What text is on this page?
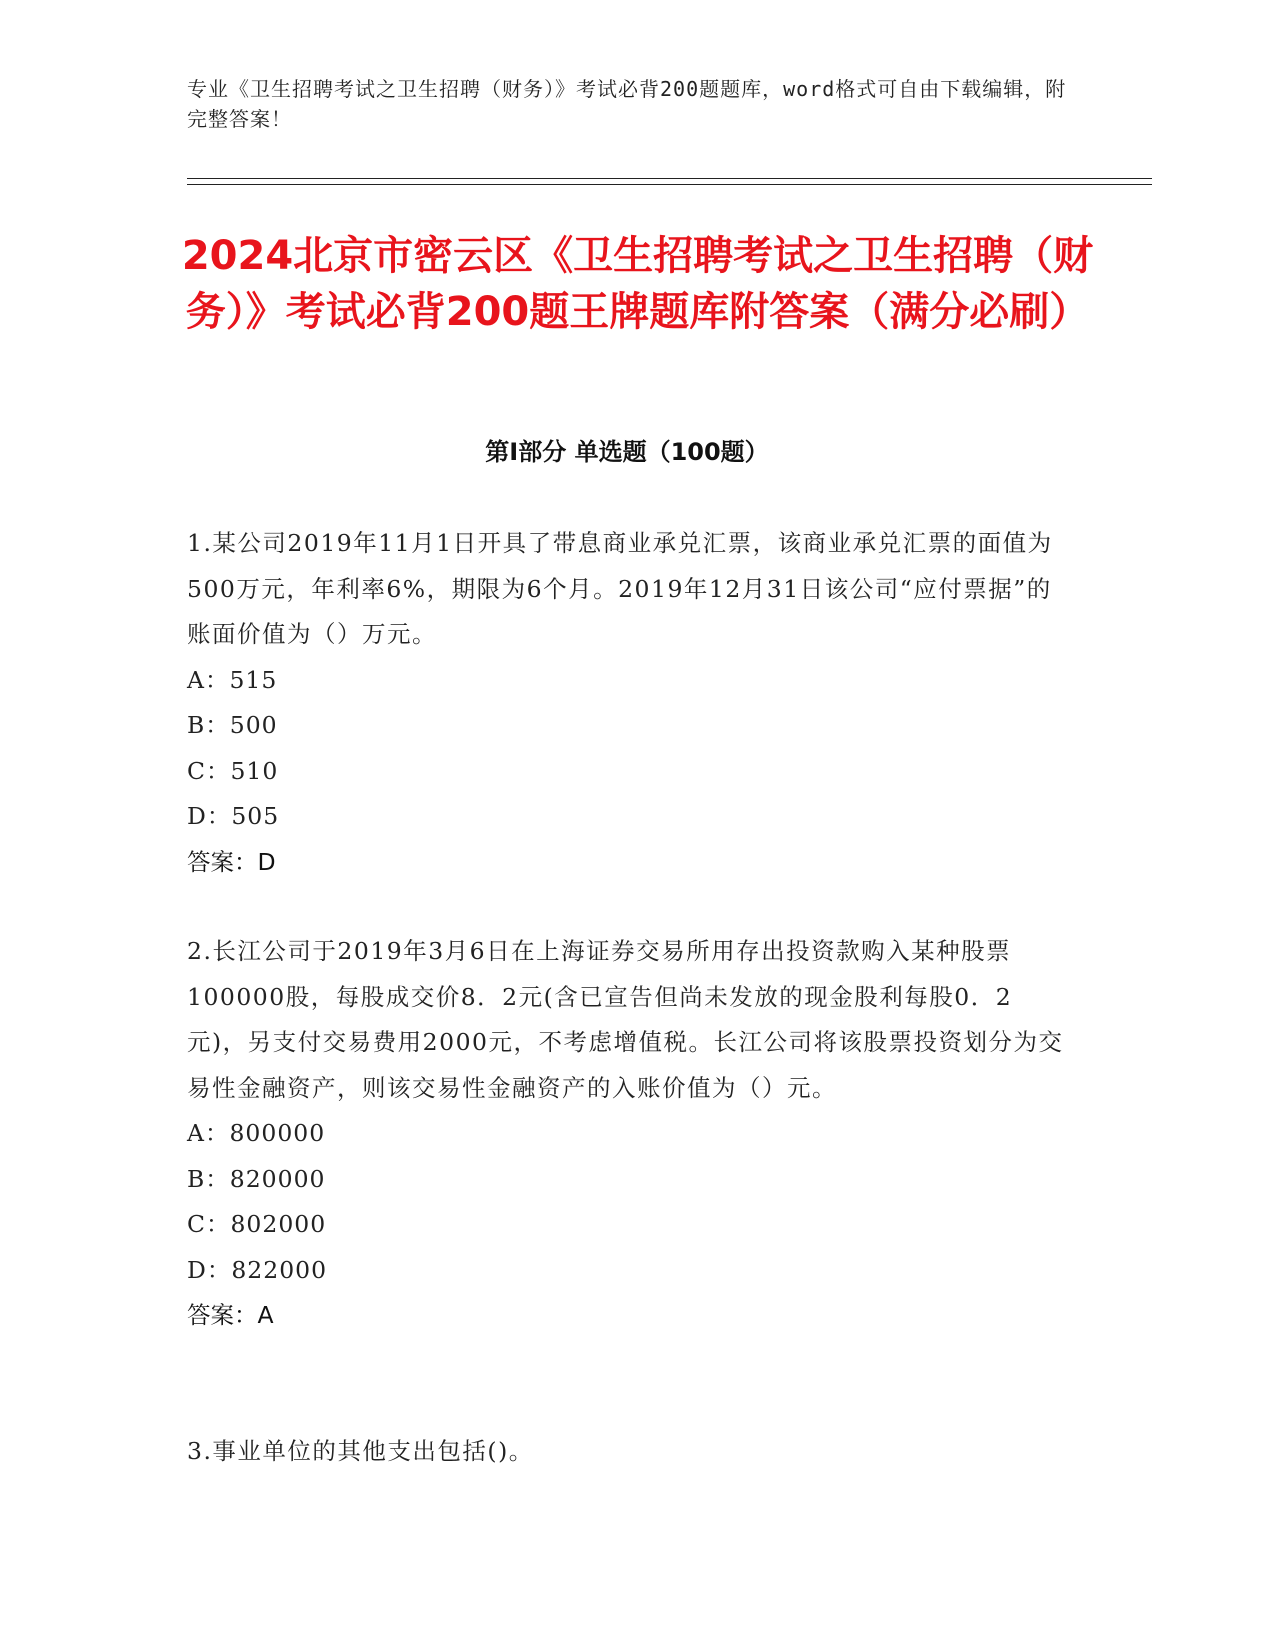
专业《卫生招聘考试之卫生招聘（财务）》考试必背200题题库，word格式可自由下载编辑，附完整答案！

2024北京市密云区《卫生招聘考试之卫生招聘（财务）》考试必背200题王牌题库附答案（满分必刷）
第Ⅰ部分 单选题（100题）

1.某公司2019年11月1日开具了带息商业承兑汇票，该商业承兑汇票的面值为500万元，年利率6%，期限为6个月。2019年12月31日该公司“应付票据”的账面价值为（）万元。

A：515

B：500

C：510

D：505

答案：D

2.长江公司于2019年3月6日在上海证券交易所用存出投资款购入某种股票100000股，每股成交价8．2元(含已宣告但尚未发放的现金股利每股0．2元)，另支付交易费用2000元，不考虑增值税。长江公司将该股票投资划分为交易性金融资产，则该交易性金融资产的入账价值为（）元。

A：800000

B：820000

C：802000

D：822000

答案：A

3.事业单位的其他支出包括()。
